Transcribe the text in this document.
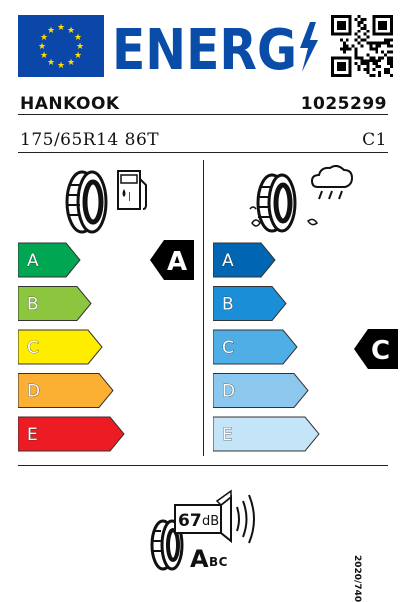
★ ★
★
★
★
★
★
★
★
★
★
★ ENERG
HANKOOK	1025299
175/65R14 86T	C1
|
A
B
C
D
E
A A
B
C
D
E
C
67 dB
A BC	2020/740
